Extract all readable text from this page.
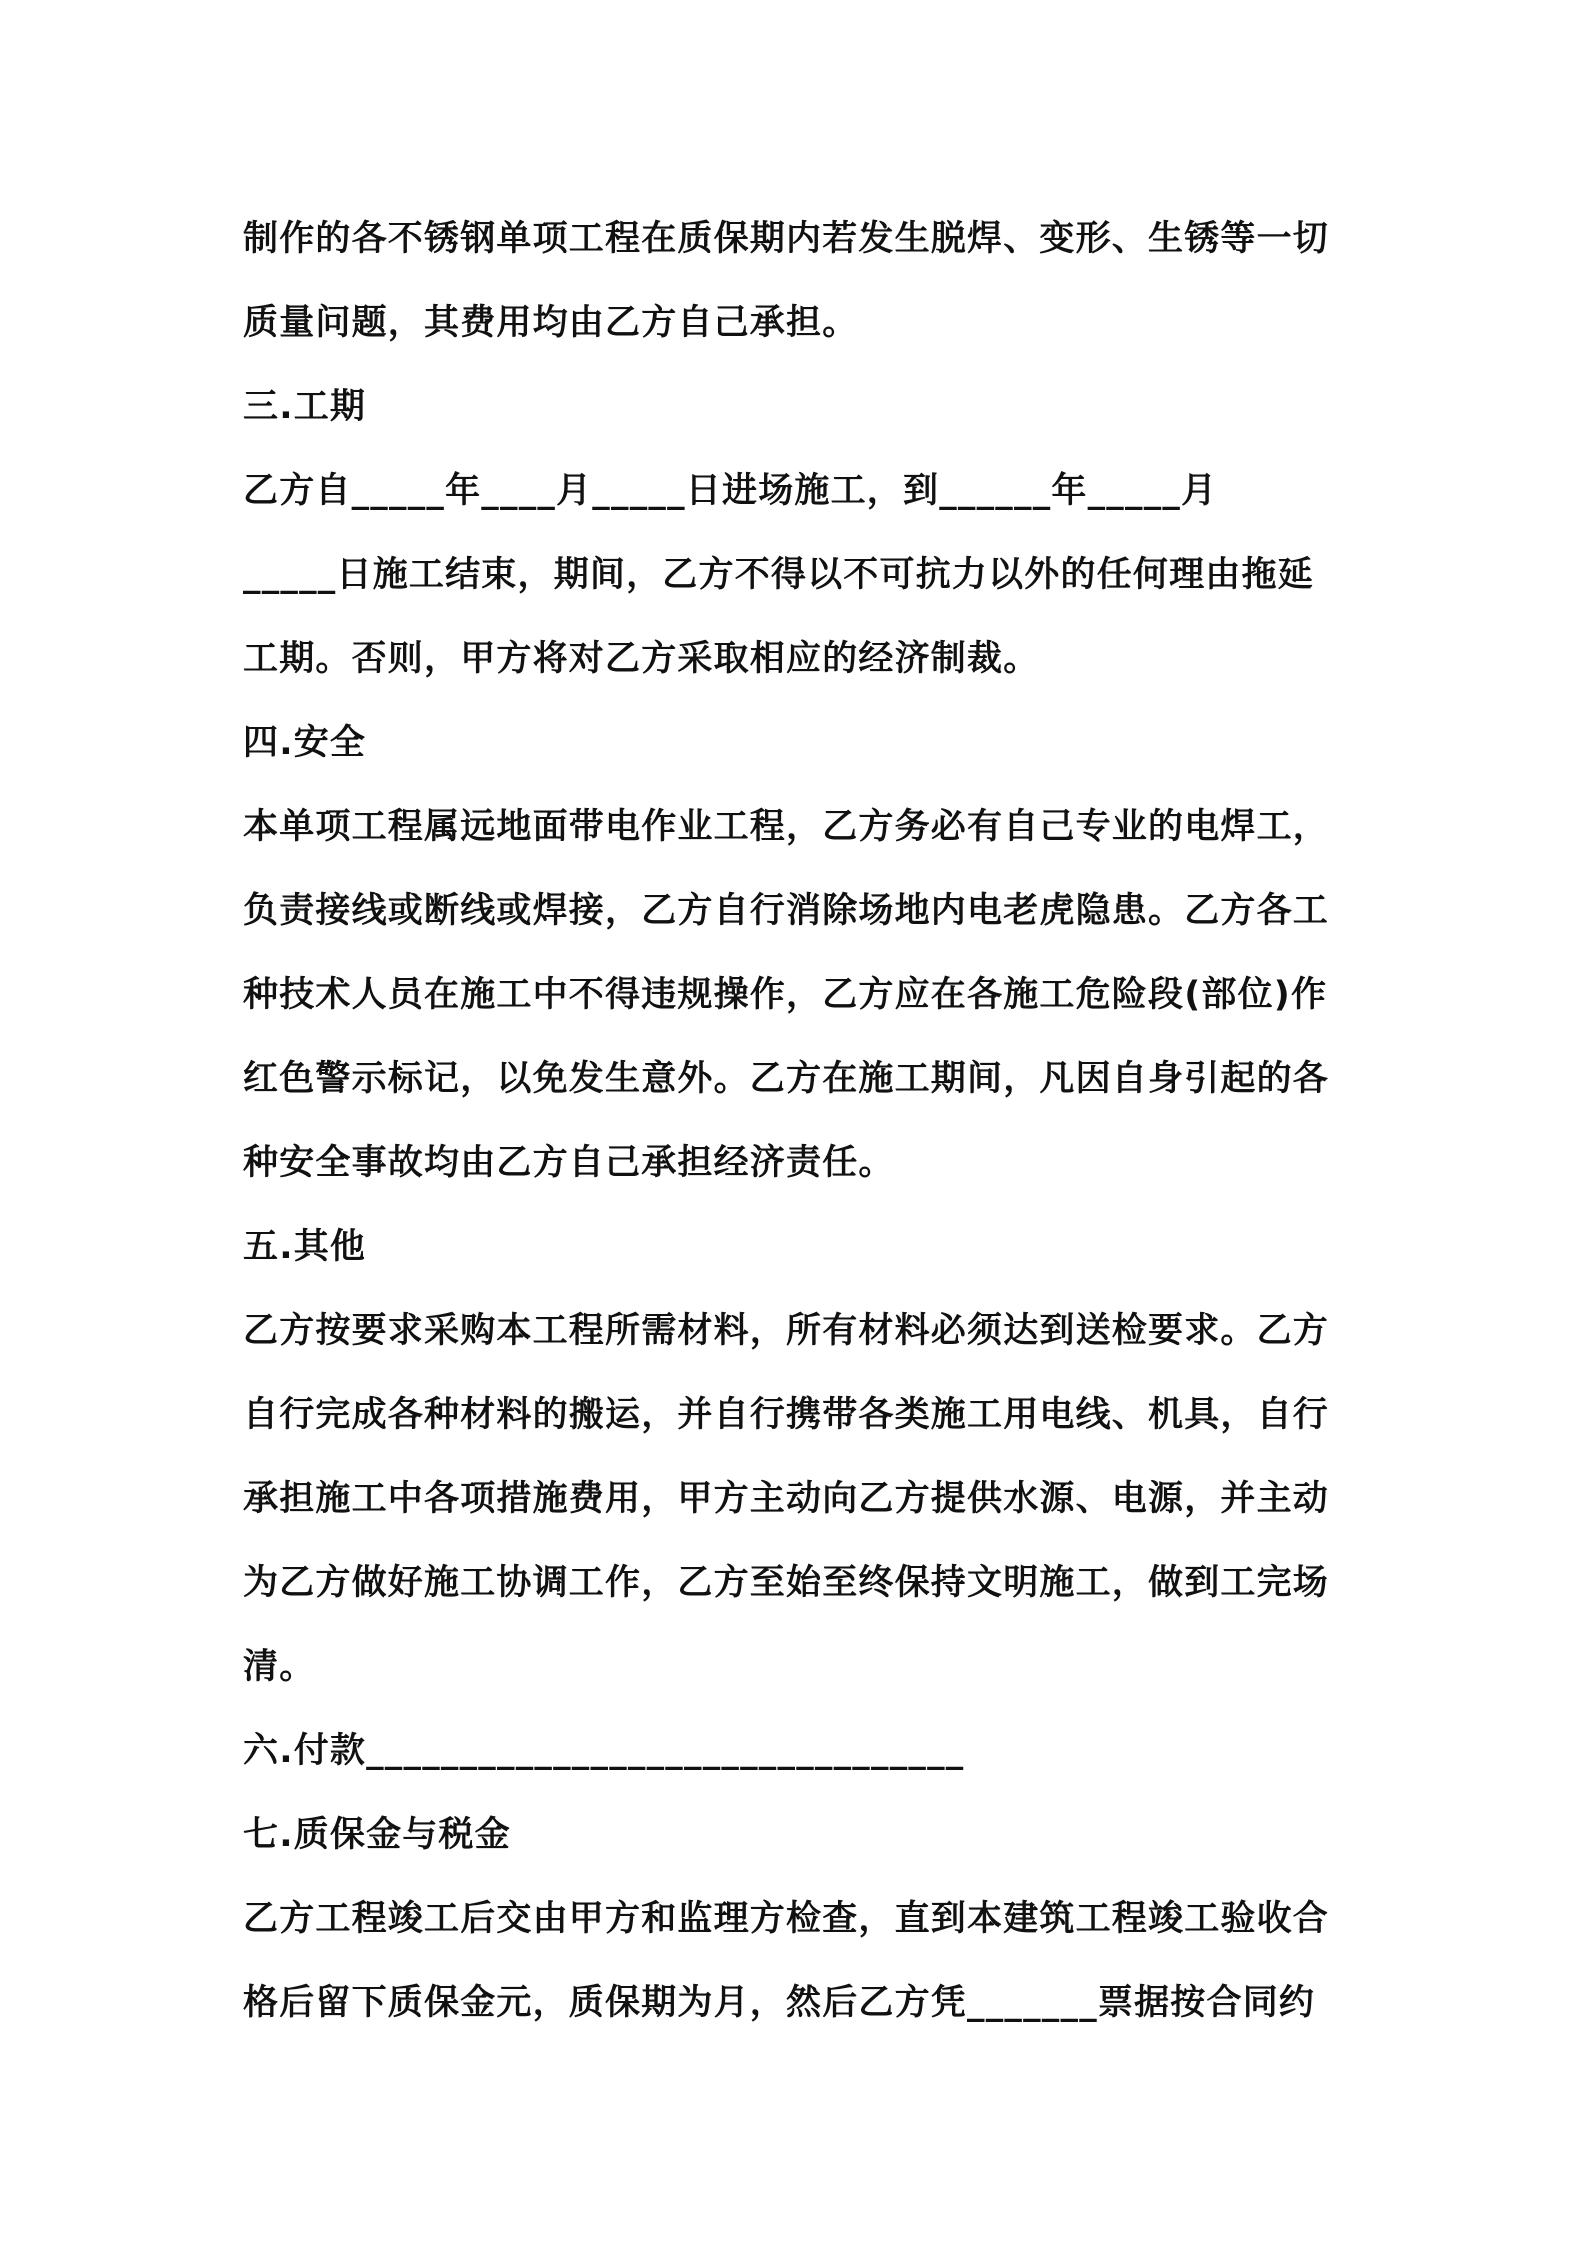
制作的各不锈钢单项工程在质保期内若发生脱焊、变形、生锈等一切
质量问题，其费用均由乙方自己承担。
三.工期
乙方自_____年____月_____日进场施工，到______年_____月
_____日施工结束，期间，乙方不得以不可抗力以外的任何理由拖延
工期。否则，甲方将对乙方采取相应的经济制裁。
四.安全
本单项工程属远地面带电作业工程，乙方务必有自己专业的电焊工，
负责接线或断线或焊接，乙方自行消除场地内电老虎隐患。乙方各工
种技术人员在施工中不得违规操作，乙方应在各施工危险段(部位)作
红色警示标记，以免发生意外。乙方在施工期间，凡因自身引起的各
种安全事故均由乙方自己承担经济责任。
五.其他
乙方按要求采购本工程所需材料，所有材料必须达到送检要求。乙方
自行完成各种材料的搬运，并自行携带各类施工用电线、机具，自行
承担施工中各项措施费用，甲方主动向乙方提供水源、电源，并主动
为乙方做好施工协调工作，乙方至始至终保持文明施工，做到工完场
清。
六.付款________________________________
七.质保金与税金
乙方工程竣工后交由甲方和监理方检查，直到本建筑工程竣工验收合
格后留下质保金元，质保期为月，然后乙方凭_______票据按合同约
